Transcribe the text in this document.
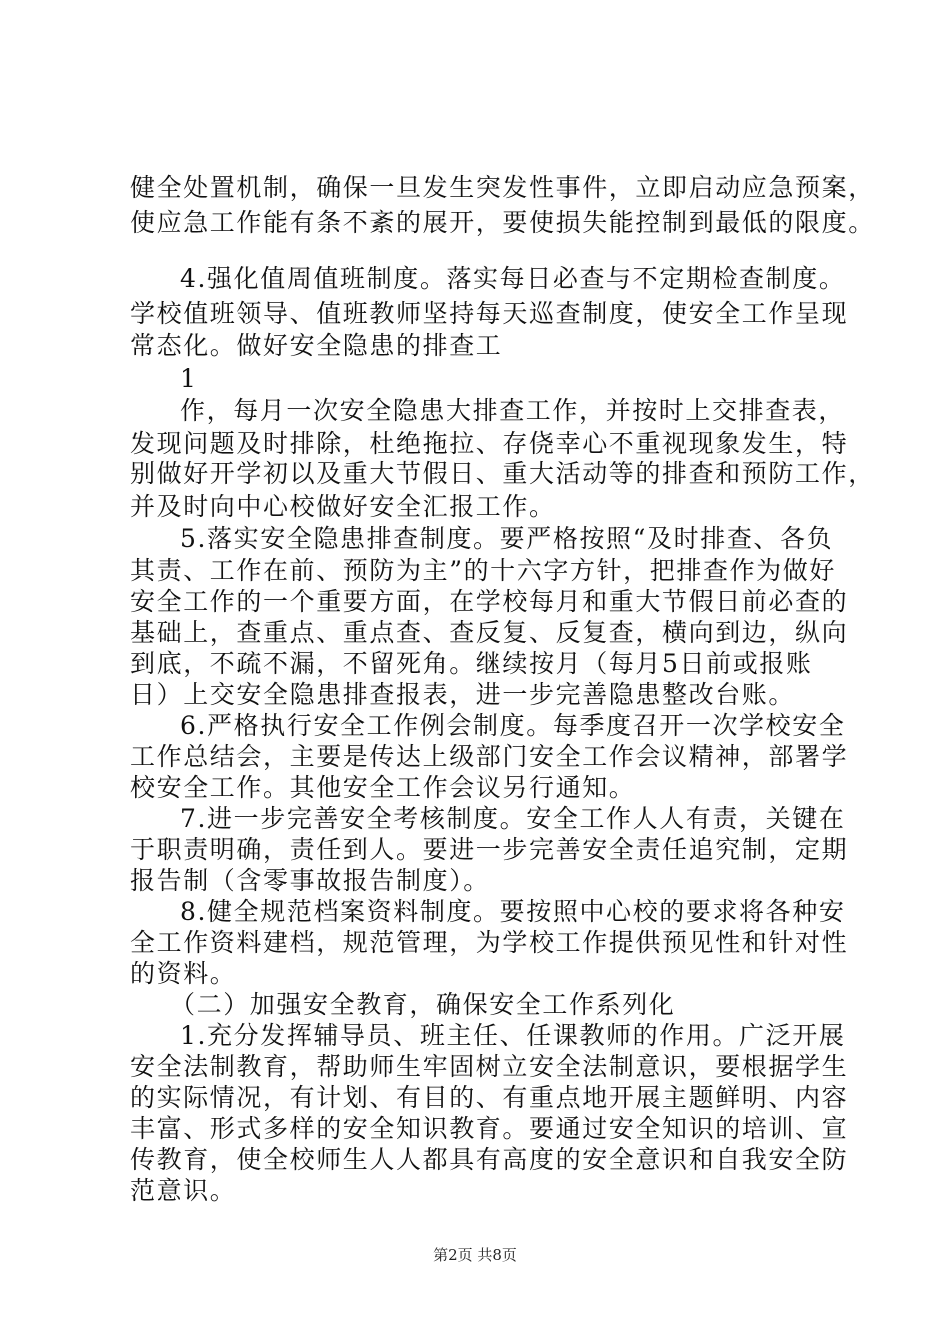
健全处置机制，确保一旦发生突发性事件，立即启动应急预案，
使应急工作能有条不紊的展开，要使损失能控制到最低的限度。
4.强化值周值班制度。落实每日必查与不定期检查制度。
学校值班领导、值班教师坚持每天巡查制度，使安全工作呈现
常态化。做好安全隐患的排查工
1
作，每月一次安全隐患大排查工作，并按时上交排查表，
发现问题及时排除，杜绝拖拉、存侥幸心不重视现象发生，特
别做好开学初以及重大节假日、重大活动等的排查和预防工作，
并及时向中心校做好安全汇报工作。
5.落实安全隐患排查制度。要严格按照“及时排查、各负
其责、工作在前、预防为主”的十六字方针，把排查作为做好
安全工作的一个重要方面，在学校每月和重大节假日前必查的
基础上，查重点、重点查、查反复、反复查，横向到边，纵向
到底，不疏不漏，不留死角。继续按月（每月5日前或报账
日）上交安全隐患排查报表，进一步完善隐患整改台账。
6.严格执行安全工作例会制度。每季度召开一次学校安全
工作总结会，主要是传达上级部门安全工作会议精神，部署学
校安全工作。其他安全工作会议另行通知。
7.进一步完善安全考核制度。安全工作人人有责，关键在
于职责明确，责任到人。要进一步完善安全责任追究制，定期
报告制（含零事故报告制度）。
8.健全规范档案资料制度。要按照中心校的要求将各种安
全工作资料建档，规范管理，为学校工作提供预见性和针对性
的资料。
（二）加强安全教育，确保安全工作系列化
1.充分发挥辅导员、班主任、任课教师的作用。广泛开展
安全法制教育，帮助师生牢固树立安全法制意识，要根据学生
的实际情况，有计划、有目的、有重点地开展主题鲜明、内容
丰富、形式多样的安全知识教育。要通过安全知识的培训、宣
传教育，使全校师生人人都具有高度的安全意识和自我安全防
范意识。
第2页 共8页
